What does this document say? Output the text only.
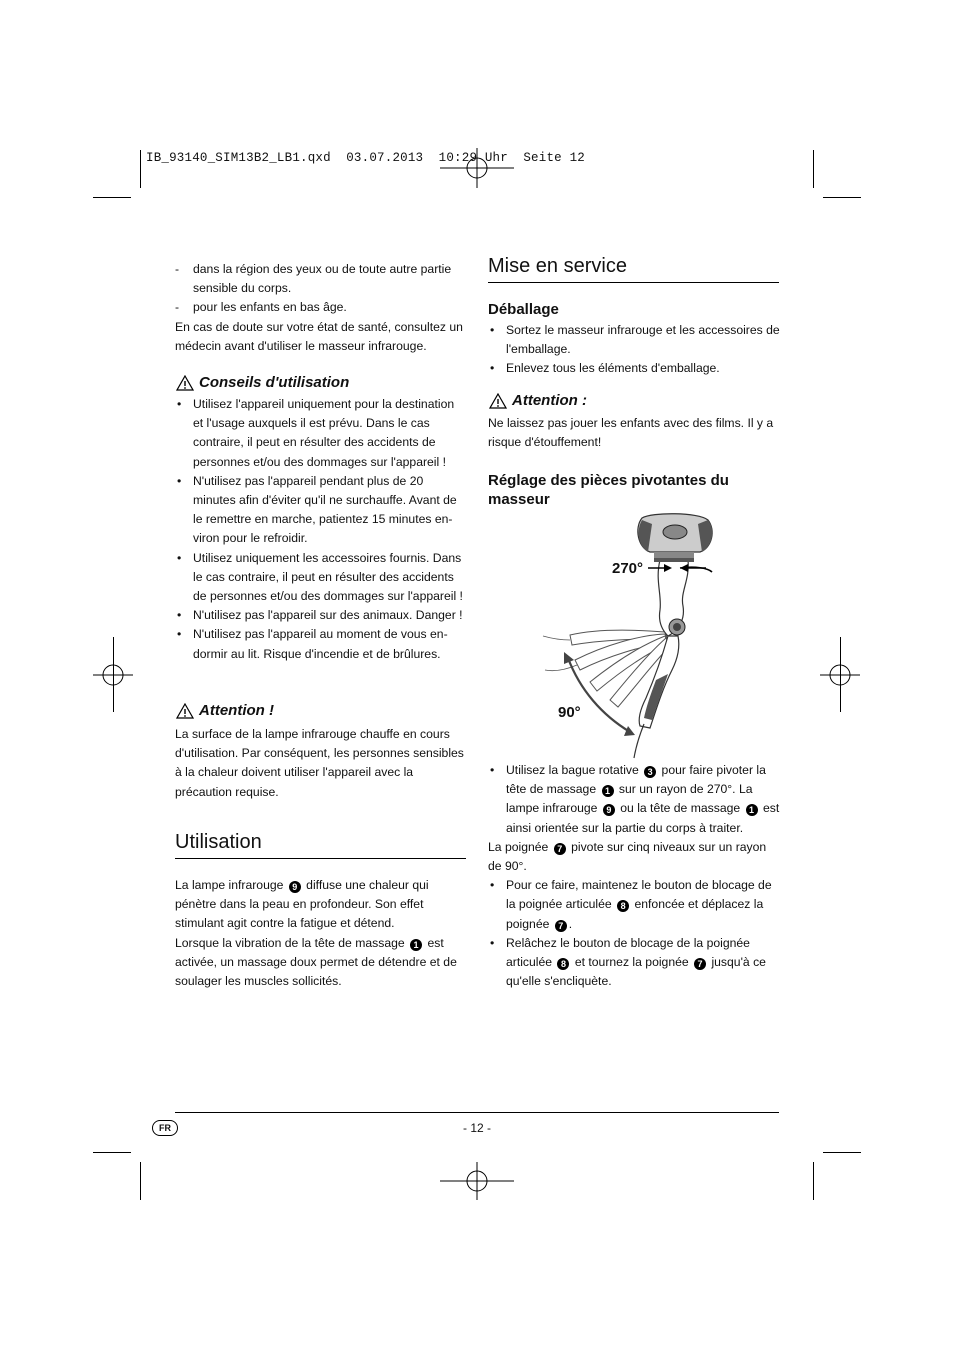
IB_93140_SIM13B2_LB1.qxd  03.07.2013  10:29 Uhr  Seite 12
- dans la région des yeux ou de toute autre partie sensible du corps.
- pour les enfants en bas âge.

En cas de doute sur votre état de santé, consultez un médecin avant d'utiliser le masseur infrarouge.

Conseils d'utilisation
• Utilisez l'appareil uniquement pour la destination et l'usage auxquels il est prévu. Dans le cas contraire, il peut en résulter des accidents de personnes et/ou des dommages sur l'appareil !
• N'utilisez pas l'appareil pendant plus de 20 minutes afin d'éviter qu'il ne surchauffe. Avant de le remettre en marche, patientez 15 minutes en-viron pour le refroidir.
• Utilisez uniquement les accessoires fournis. Dans le cas contraire, il peut en résulter des accidents de personnes et/ou des dommages sur l'appareil !
• N'utilisez pas l'appareil sur des animaux. Danger !
• N'utilisez pas l'appareil au moment de vous en-dormir au lit. Risque d'incendie et de brûlures.
Attention !

La surface de la lampe infrarouge chauffe en cours d'utilisation. Par conséquent, les personnes sensibles à la chaleur doivent utiliser l'appareil avec la précaution requise.

Utilisation

La lampe infrarouge 9 diffuse une chaleur qui pénètre dans la peau en profondeur. Son effet stimulant agit contre la fatigue et détend.

Lorsque la vibration de la tête de massage 1 est activée, un massage doux permet de détendre et de soulager les muscles sollicités.

Mise en service
Déballage
• Sortez le masseur infrarouge et les accessoires de l'emballage.
• Enlevez tous les éléments d'emballage.
Attention :

Ne laissez pas jouer les enfants avec des films. Il y a risque d'étouffement!

Réglage des pièces pivotantes du masseur
270°
90°
• Utilisez la bague rotative 3 pour faire pivoter la tête de massage 1 sur un rayon de 270°. La lampe infrarouge 9 ou la tête de massage 1 est ainsi orientée sur la partie du corps à traiter.

La poignée 7 pivote sur cinq niveaux sur un rayon de 90°.

• Pour ce faire, maintenez le bouton de blocage de la poignée articulée 8 enfoncée et déplacez la poignée 7 .
• Relâchez le bouton de blocage de la poignée articulée 8 et tournez la poignée 7 jusqu'à ce qu'elle s'encliquète.
FR	- 12 -
